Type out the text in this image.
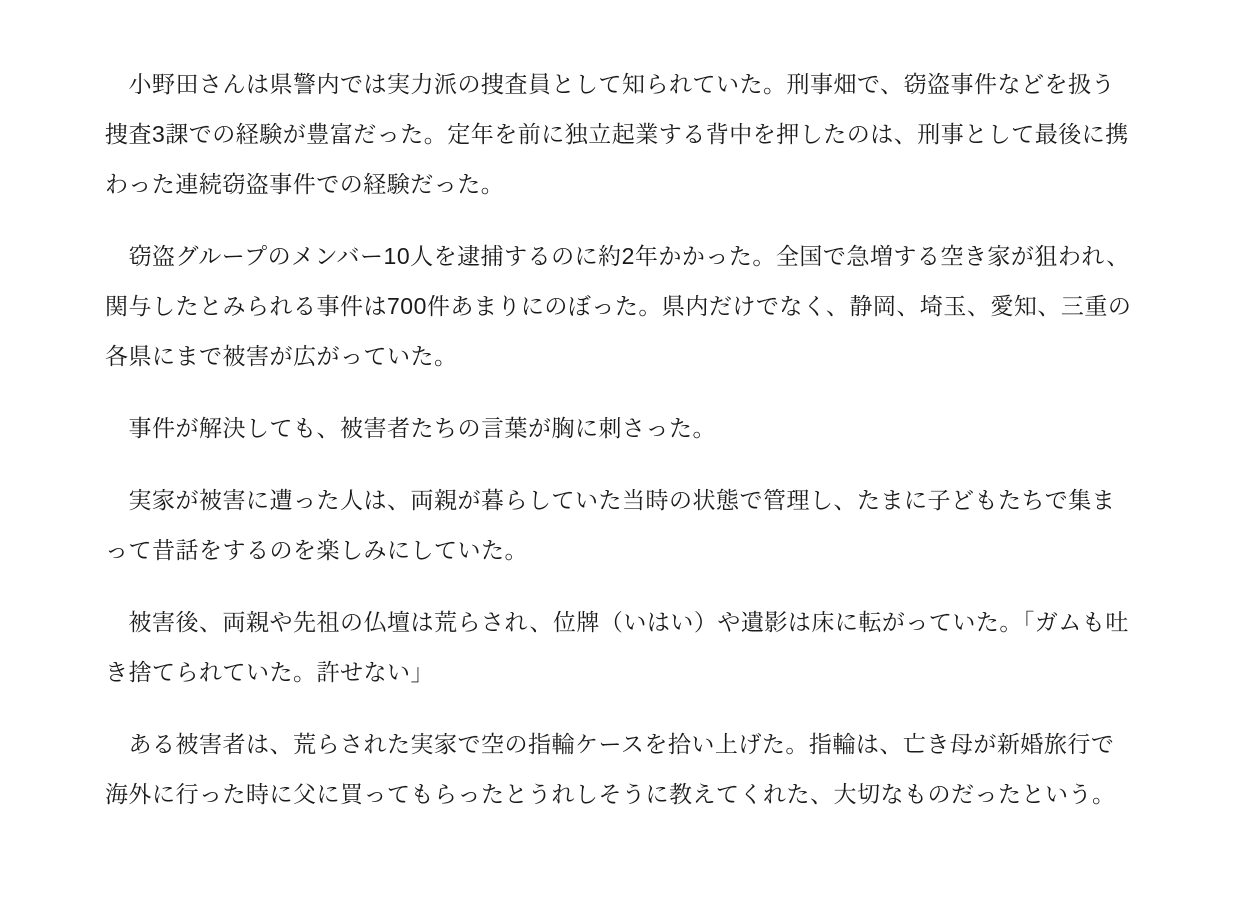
　小野田さんは県警内では実力派の捜査員として知られていた。刑事畑で、窃盗事件などを扱う捜査3課での経験が豊富だった。定年を前に独立起業する背中を押したのは、刑事として最後に携わった連続窃盗事件での経験だった。

　窃盗グループのメンバー10人を逮捕するのに約2年かかった。全国で急増する空き家が狙われ、関与したとみられる事件は700件あまりにのぼった。県内だけでなく、静岡、埼玉、愛知、三重の各県にまで被害が広がっていた。

　事件が解決しても、被害者たちの言葉が胸に刺さった。

　実家が被害に遭った人は、両親が暮らしていた当時の状態で管理し、たまに子どもたちで集まって昔話をするのを楽しみにしていた。

　被害後、両親や先祖の仏壇は荒らされ、位牌（いはい）や遺影は床に転がっていた。「ガムも吐き捨てられていた。許せない」

　ある被害者は、荒らされた実家で空の指輪ケースを拾い上げた。指輪は、亡き母が新婚旅行で海外に行った時に父に買ってもらったとうれしそうに教えてくれた、大切なものだったという。
